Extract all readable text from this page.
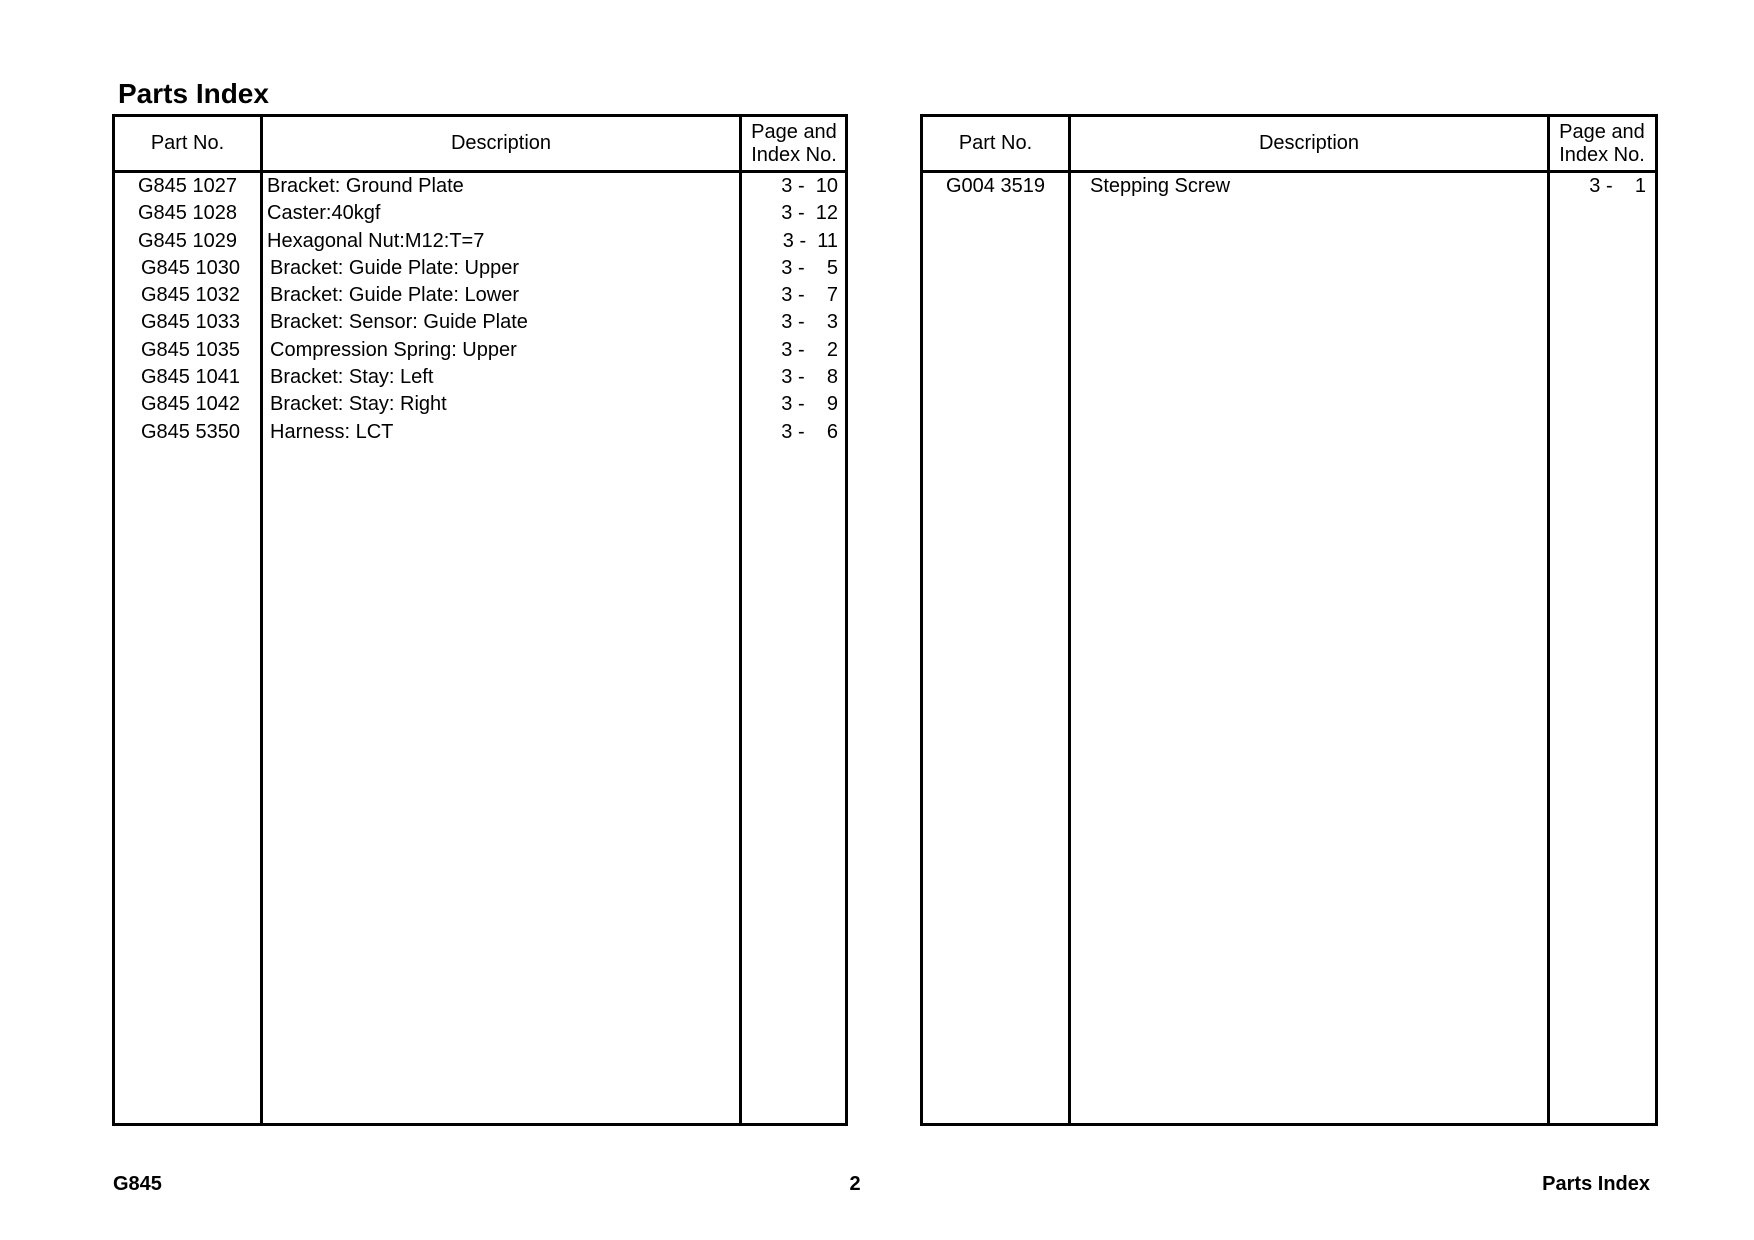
Parts Index
Part No.	Description
Page and
Index No.
G845 1027	Bracket: Ground Plate	3 -  10
G845 1028	Caster:40kgf	3 -  12
G845 1029	Hexagonal Nut:M12:T=7	3 -  11
G845 1030	Bracket: Guide Plate: Upper	3 -    5
G845 1032	Bracket: Guide Plate: Lower	3 -    7
G845 1033	Bracket: Sensor: Guide Plate	3 -    3
G845 1035	Compression Spring: Upper	3 -    2
G845 1041	Bracket: Stay: Left	3 -    8
G845 1042	Bracket: Stay: Right	3 -    9
G845 5350	Harness: LCT	3 -    6
Part No.	Description
Page and
Index No.
G004 3519	Stepping Screw	3 -    1
G845	2	Parts Index
